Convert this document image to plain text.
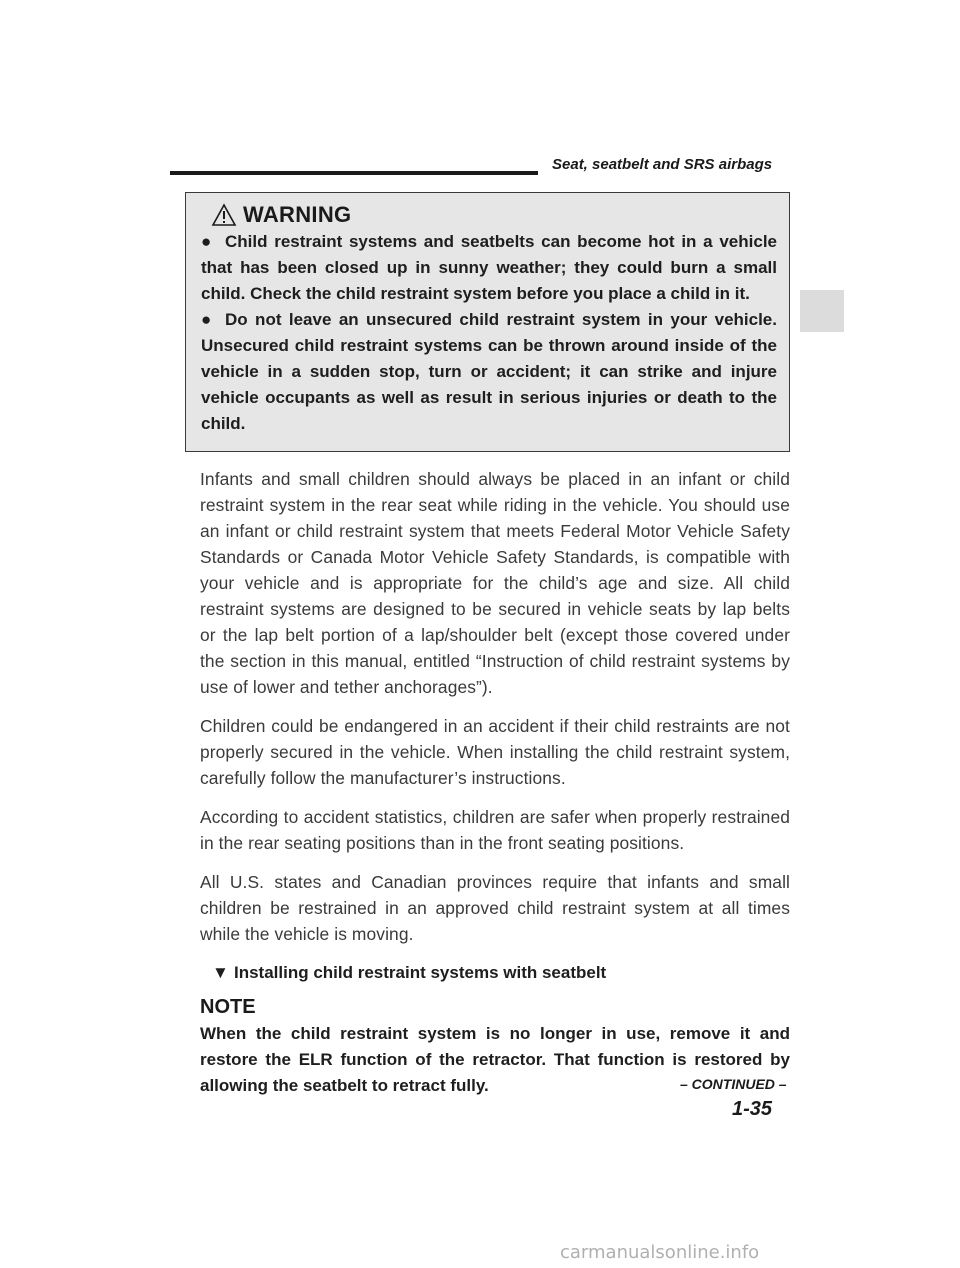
Seat, seatbelt and SRS airbags
WARNING

● Child restraint systems and seatbelts can become hot in a vehicle that has been closed up in sunny weather; they could burn a small child. Check the child restraint system before you place a child in it.

● Do not leave an unsecured child restraint system in your vehicle. Unsecured child restraint systems can be thrown around inside of the vehicle in a sudden stop, turn or accident; it can strike and injure vehicle occupants as well as result in serious injuries or death to the child.

Infants and small children should always be placed in an infant or child restraint system in the rear seat while riding in the vehicle. You should use an infant or child restraint system that meets Federal Motor Vehicle Safety Standards or Canada Motor Vehicle Safety Standards, is compatible with your vehicle and is appropriate for the child’s age and size. All child restraint systems are designed to be secured in vehicle seats by lap belts or the lap belt portion of a lap/shoulder belt (except those covered under the section in this manual, entitled “Instruction of child restraint systems by use of lower and tether anchorages”).

Children could be endangered in an accident if their child restraints are not properly secured in the vehicle. When installing the child restraint system, carefully follow the manufacturer’s instructions.

According to accident statistics, children are safer when properly restrained in the rear seating positions than in the front seating positions.

All U.S. states and Canadian provinces require that infants and small children be restrained in an approved child restraint system at all times while the vehicle is moving.

▼ Installing child restraint systems with seatbelt
NOTE

When the child restraint system is no longer in use, remove it and restore the ELR function of the retractor. That function is restored by allowing the seatbelt to retract fully.	– CONTINUED –
1-35
carmanualsonline.info
